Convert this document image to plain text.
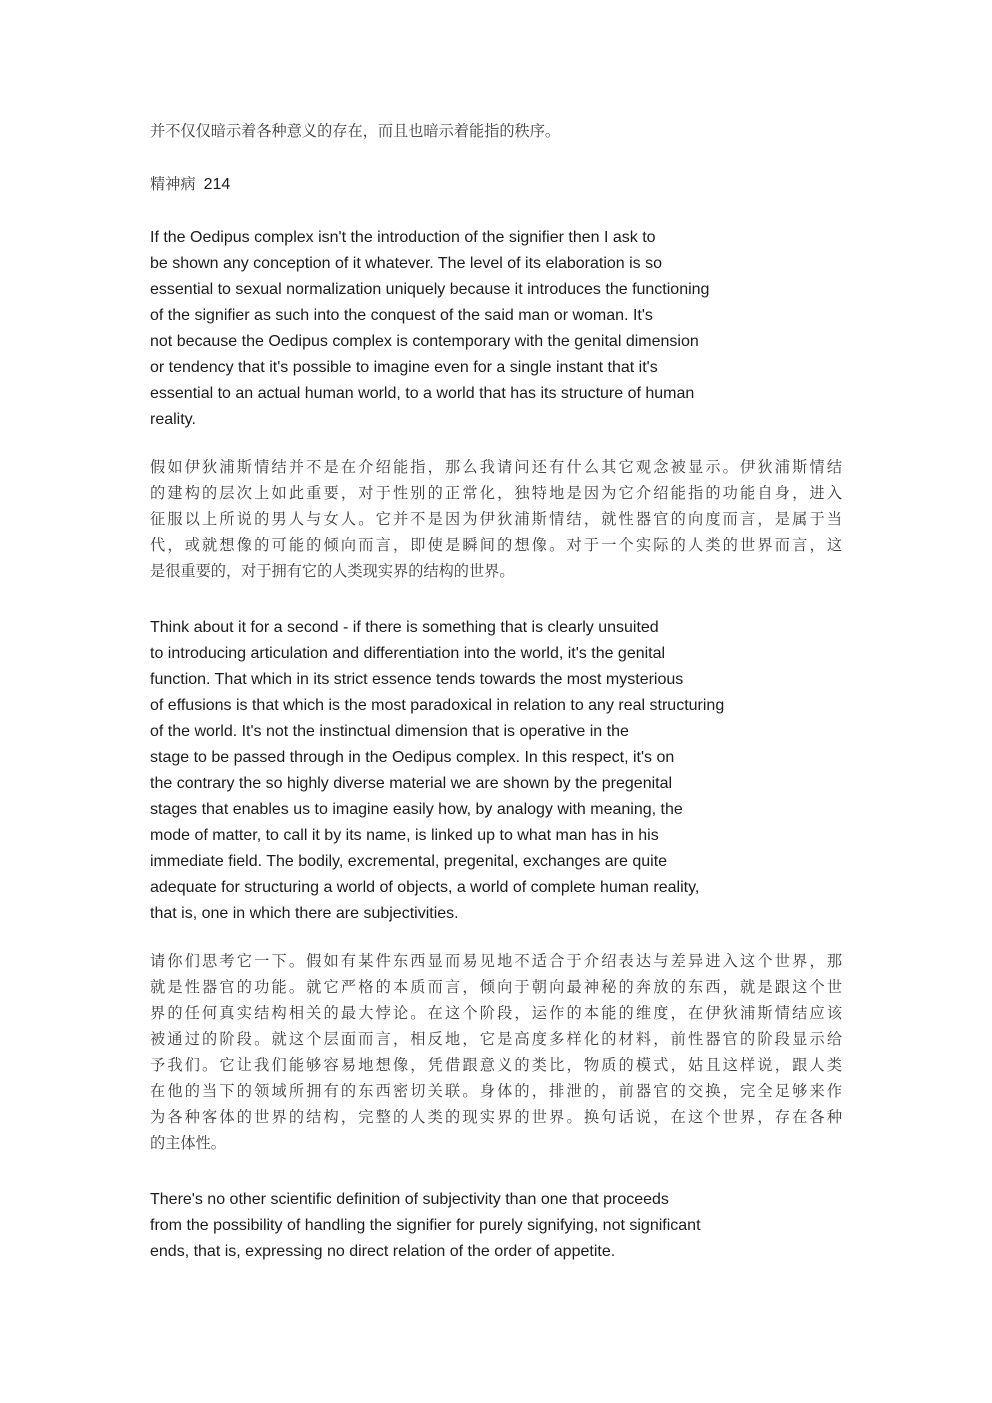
并不仅仅暗示着各种意义的存在，而且也暗示着能指的秩序。

精神病 214
If the Oedipus complex isn't the introduction of the signifier then I ask to
be shown any conception of it whatever. The level of its elaboration is so
essential to sexual normalization uniquely because it introduces the functioning
of the signifier as such into the conquest of the said man or woman. It's
not because the Oedipus complex is contemporary with the genital dimension
or tendency that it's possible to imagine even for a single instant that it's
essential to an actual human world, to a world that has its structure of human
reality.
假如伊狄浦斯情结并不是在介绍能指，那么我请问还有什么其它观念被显示。伊狄浦斯情结
的建构的层次上如此重要，对于性别的正常化，独特地是因为它介绍能指的功能自身，进入
征服以上所说的男人与女人。它并不是因为伊狄浦斯情结，就性器官的向度而言，是属于当
代，或就想像的可能的倾向而言，即使是瞬间的想像。对于一个实际的人类的世界而言，这
是很重要的，对于拥有它的人类现实界的结构的世界。
Think about it for a second - if there is something that is clearly unsuited
to introducing articulation and differentiation into the world, it's the genital
function. That which in its strict essence tends towards the most mysterious
of effusions is that which is the most paradoxical in relation to any real structuring
of the world. It's not the instinctual dimension that is operative in the
stage to be passed through in the Oedipus complex. In this respect, it's on
the contrary the so highly diverse material we are shown by the pregenital
stages that enables us to imagine easily how, by analogy with meaning, the
mode of matter, to call it by its name, is linked up to what man has in his
immediate field. The bodily, excremental, pregenital, exchanges are quite
adequate for structuring a world of objects, a world of complete human reality,
that is, one in which there are subjectivities.
请你们思考它一下。假如有某件东西显而易见地不适合于介绍表达与差异进入这个世界，那
就是性器官的功能。就它严格的本质而言，倾向于朝向最神秘的奔放的东西，就是跟这个世
界的任何真实结构相关的最大悖论。在这个阶段，运作的本能的维度，在伊狄浦斯情结应该
被通过的阶段。就这个层面而言，相反地，它是高度多样化的材料，前性器官的阶段显示给
予我们。它让我们能够容易地想像，凭借跟意义的类比，物质的模式，姑且这样说，跟人类
在他的当下的领域所拥有的东西密切关联。身体的，排泄的，前器官的交换，完全足够来作
为各种客体的世界的结构，完整的人类的现实界的世界。换句话说，在这个世界，存在各种
的主体性。
There's no other scientific definition of subjectivity than one that proceeds
from the possibility of handling the signifier for purely signifying, not significant
ends, that is, expressing no direct relation of the order of appetite.
